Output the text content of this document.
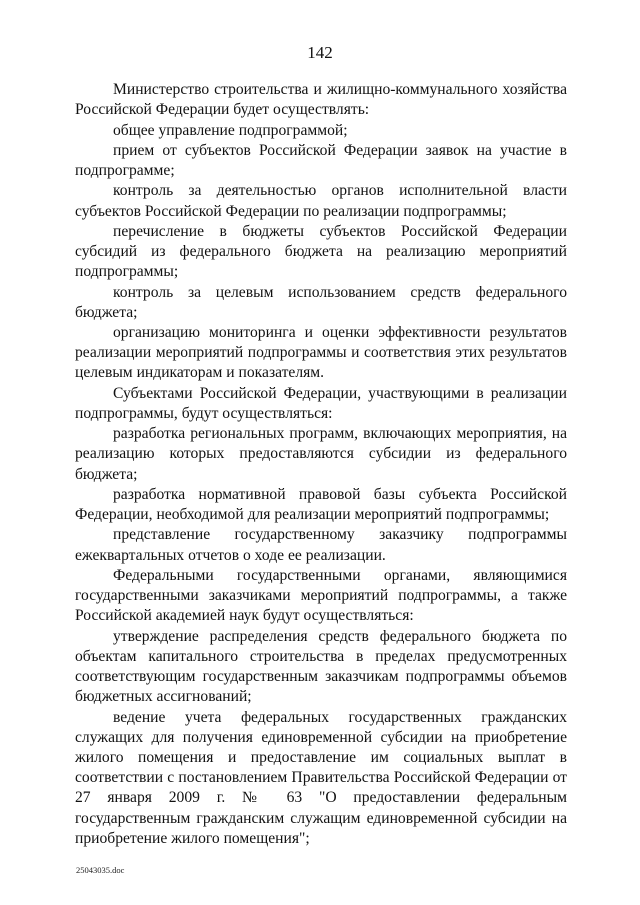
142

Министерство строительства и жилищно-коммунального хозяйства Российской Федерации будет осуществлять:

общее управление подпрограммой;

прием от субъектов Российской Федерации заявок на участие в подпрограмме;

контроль за деятельностью органов исполнительной власти субъектов Российской Федерации по реализации подпрограммы;

перечисление в бюджеты субъектов Российской Федерации субсидий из федерального бюджета на реализацию мероприятий подпрограммы;

контроль за целевым использованием средств федерального бюджета;

организацию мониторинга и оценки эффективности результатов реализации мероприятий подпрограммы и соответствия этих результатов целевым индикаторам и показателям.

Субъектами Российской Федерации, участвующими в реализации подпрограммы, будут осуществляться:

разработка региональных программ, включающих мероприятия, на реализацию которых предоставляются субсидии из федерального бюджета;

разработка нормативной правовой базы субъекта Российской Федерации, необходимой для реализации мероприятий подпрограммы;

представление государственному заказчику подпрограммы ежеквартальных отчетов о ходе ее реализации.

Федеральными государственными органами, являющимися государственными заказчиками мероприятий подпрограммы, а также Российской академией наук будут осуществляться:

утверждение распределения средств федерального бюджета по объектам капитального строительства в пределах предусмотренных соответствующим государственным заказчикам подпрограммы объемов бюджетных ассигнований;

ведение учета федеральных государственных гражданских служащих для получения единовременной субсидии на приобретение жилого помещения и предоставление им социальных выплат в соответствии с постановлением Правительства Российской Федерации от 27 января 2009 г. № 63 "О предоставлении федеральным государственным гражданским служащим единовременной субсидии на приобретение жилого помещения";

25043035.doc
